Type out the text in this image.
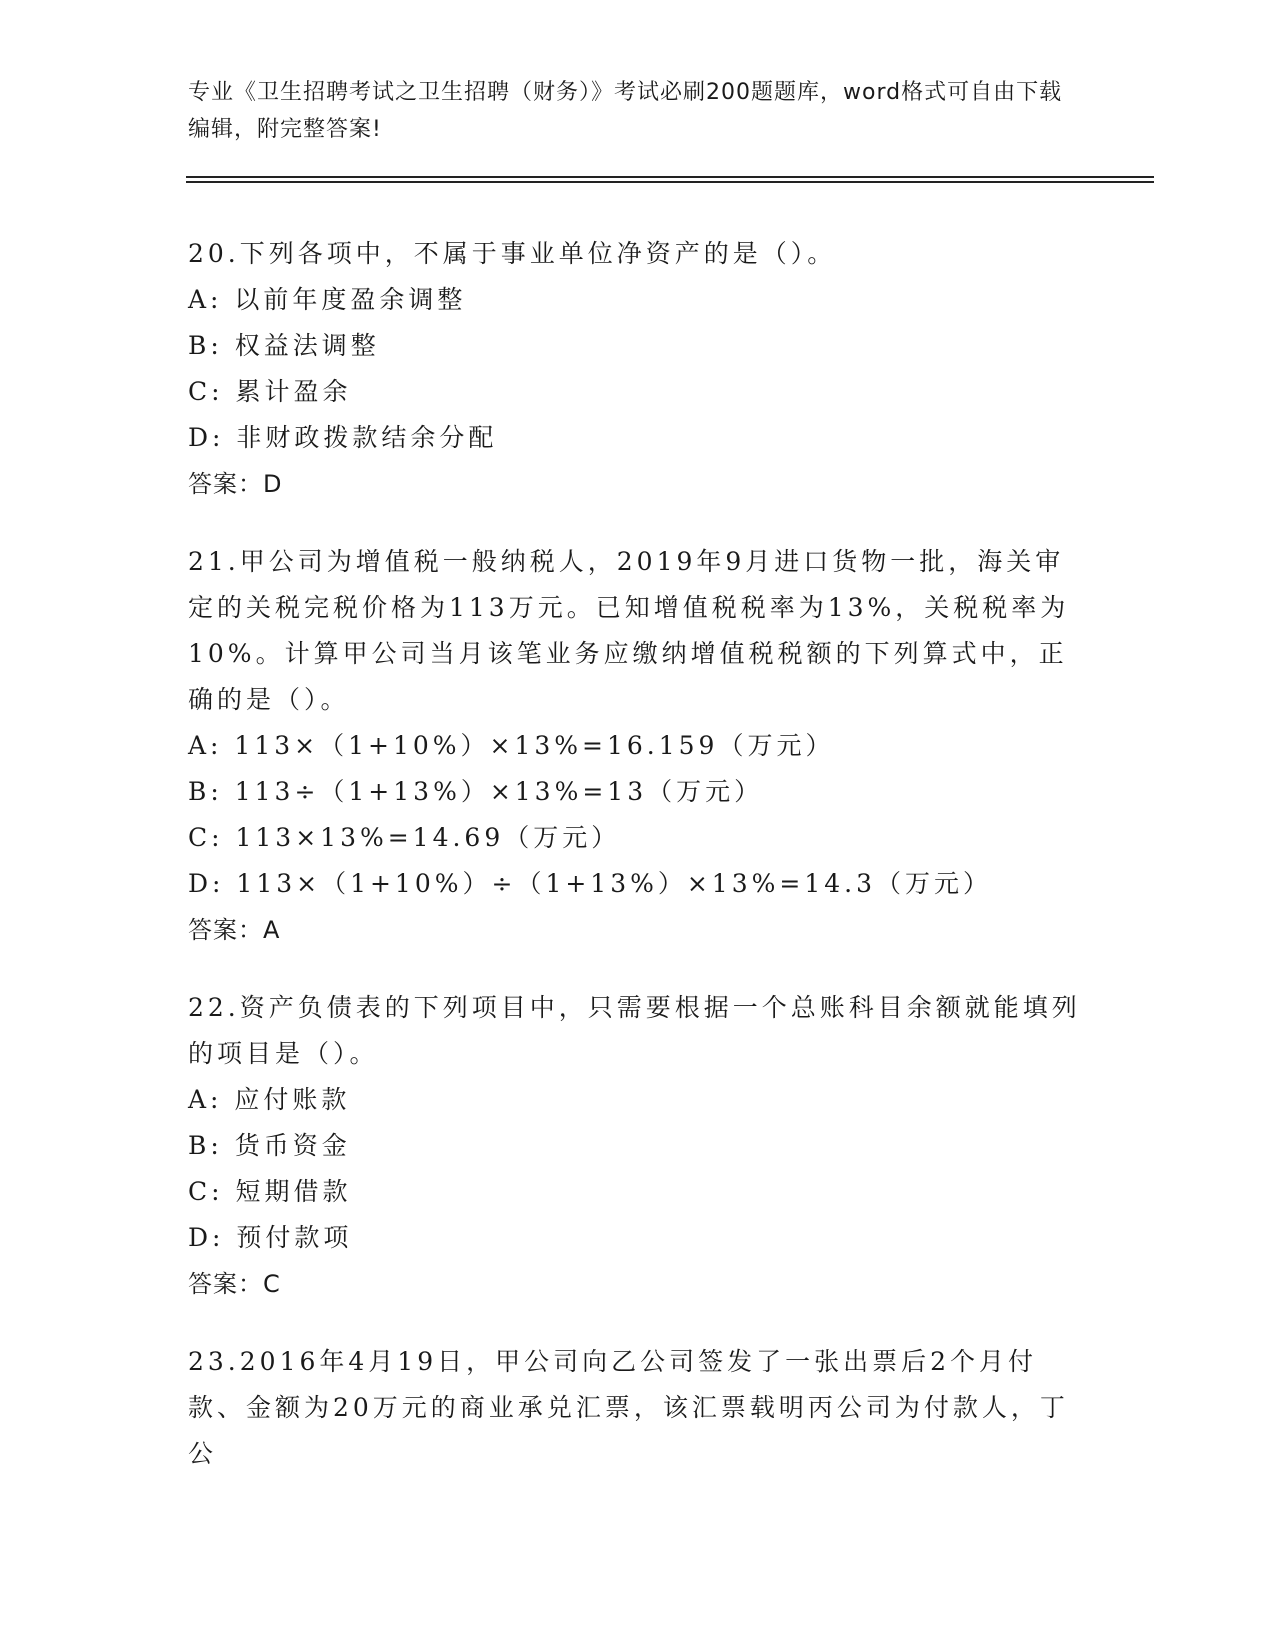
专业《卫生招聘考试之卫生招聘（财务）》考试必刷200题题库，word格式可自由下载编辑，附完整答案!

20.下列各项中，不属于事业单位净资产的是（）。

A: 以前年度盈余调整

B: 权益法调整

C: 累计盈余

D: 非财政拨款结余分配

答案：D

21.甲公司为增值税一般纳税人，2019年9月进口货物一批，海关审定的关税完税价格为113万元。已知增值税税率为13%，关税税率为10%。计算甲公司当月该笔业务应缴纳增值税税额的下列算式中，正确的是（）。

A: 113×（1+10%）×13%=16.159（万元）

B: 113÷（1+13%）×13%=13（万元）

C: 113×13%=14.69（万元）

D: 113×（1+10%）÷（1+13%）×13%=14.3（万元）

答案：A

22.资产负债表的下列项目中，只需要根据一个总账科目余额就能填列的项目是（）。

A: 应付账款

B: 货币资金

C: 短期借款

D: 预付款项

答案：C

23.2016年4月19日，甲公司向乙公司签发了一张出票后2个月付款、金额为20万元的商业承兑汇票，该汇票载明丙公司为付款人，丁公
